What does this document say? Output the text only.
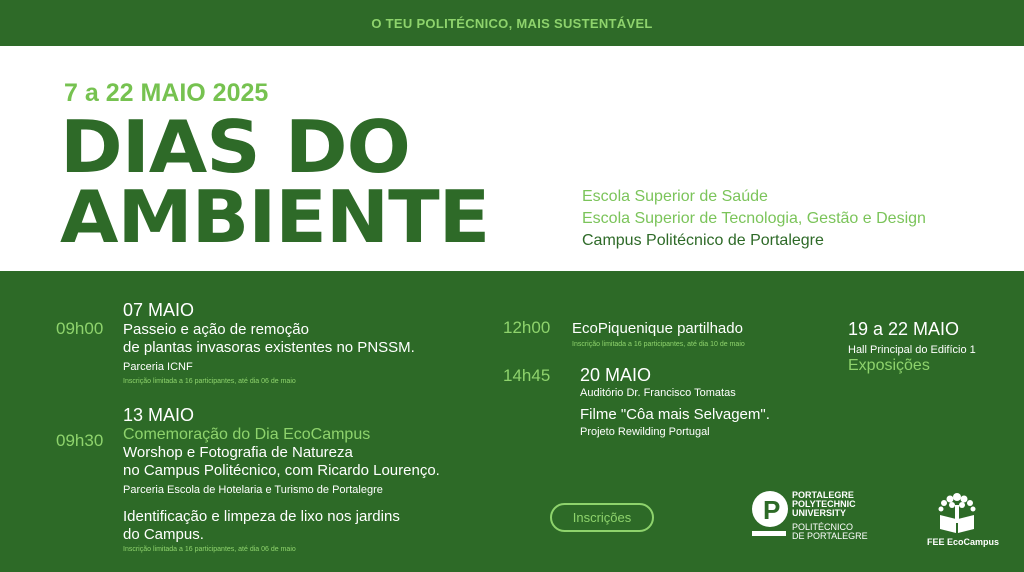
O TEU POLITÉCNICO, MAIS SUSTENTÁVEL
7 a 22 MAIO 2025
DIAS DO
AMBIENTE	Escola Superior de Saúde
Escola Superior de Tecnologia, Gestão e Design
Campus Politécnico de Portalegre
07 MAIO
09h00 Passeio e ação de remoção
de plantas invasoras existentes no PNSSM.
Parceria ICNF
Inscrição limitada a 16 participantes, até dia 06 de maio
13 MAIO
09h30 Comemoração do Dia EcoCampus
Worshop e Fotografia de Natureza
no Campus Politécnico, com Ricardo Lourenço.
Parceria Escola de Hotelaria e Turismo de Portalegre
Identificação e limpeza de lixo nos jardins
do Campus.
Inscrição limitada a 16 participantes, até dia 06 de maio
12h00 EcoPiquenique partilhado
Inscrição limitada a 16 participantes, até dia 10 de maio
14h45 20 MAIO
Auditório Dr. Francisco Tomatas
Filme "Côa mais Selvagem".
Projeto Rewilding Portugal
19 a 22 MAIO
Hall Principal do Edifício 1
Exposições
Inscrições	P PORTALEGRE
POLYTECHNIC
UNIVERSITY
POLITÉCNICO
DE PORTALEGRE
FEE EcoCampus
